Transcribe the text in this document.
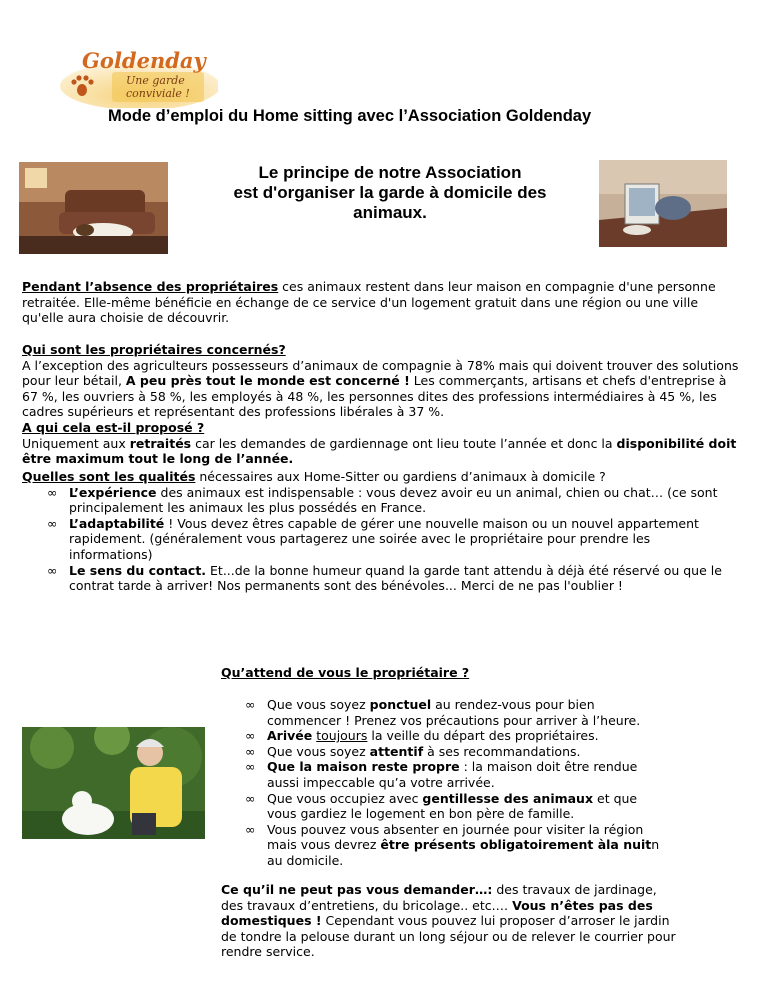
Goldenday
Une garde
conviviale !
Mode d’emploi du Home sitting avec l’Association Goldenday
Le principe de notre Association
est d'organiser la garde à domicile des
animaux.
Pendant l’absence des propriétaires ces animaux restent dans leur maison en compagnie d'une personne retraitée. Elle-même bénéficie en échange de ce service d'un logement gratuit dans une région ou une ville qu'elle aura choisie de découvrir.
Qui sont les propriétaires concernés?
A l’exception des agriculteurs possesseurs d’animaux de compagnie à 78% mais qui doivent trouver des solutions pour leur bétail, A peu près tout le monde est concerné ! Les commerçants, artisans et chefs d'entreprise à 67 %, les ouvriers à 58 %, les employés à 48 %, les personnes dites des professions intermédiaires à 45 %, les cadres supérieurs et représentant des professions libérales à 37 %.
A qui cela est-il proposé ?
Uniquement aux retraités car les demandes de gardiennage ont lieu toute l’année et donc la disponibilité doit être maximum tout le long de l’année.
Quelles sont les qualités nécessaires aux Home-Sitter ou gardiens d’animaux à domicile ?
∞ L’expérience des animaux est indispensable : vous devez avoir eu un animal, chien ou chat… (ce sont principalement les animaux les plus possédés en France.
∞ L’adaptabilité ! Vous devez êtres capable de gérer une nouvelle maison ou un nouvel appartement rapidement. (généralement vous partagerez une soirée avec le propriétaire pour prendre les informations)
∞ Le sens du contact. Et...de la bonne humeur quand la garde tant attendu à déjà été réservé ou que le contrat tarde à arriver! Nos permanents sont des bénévoles... Merci de ne pas l'oublier !
Qu’attend de vous le propriétaire ?
∞ Que vous soyez ponctuel au rendez-vous pour bien commencer ! Prenez vos précautions pour arriver à l’heure.
∞ Arivée toujours la veille du départ des propriétaires.
∞ Que vous soyez attentif à ses recommandations.
∞ Que la maison reste propre : la maison doit être rendue aussi impeccable qu’a votre arrivée.
∞ Que vous occupiez avec gentillesse des animaux et que vous gardiez le logement en bon père de famille.
∞ Vous pouvez vous absenter en journée pour visiter la région mais vous devrez être présents obligatoirement àla nuitn au domicile.
Ce qu’il ne peut pas vous demander…: des travaux de jardinage, des travaux d’entretiens, du bricolage.. etc.… Vous n’êtes pas des domestiques ! Cependant vous pouvez lui proposer d’arroser le jardin de tondre la pelouse durant un long séjour ou de relever le courrier pour rendre service.
